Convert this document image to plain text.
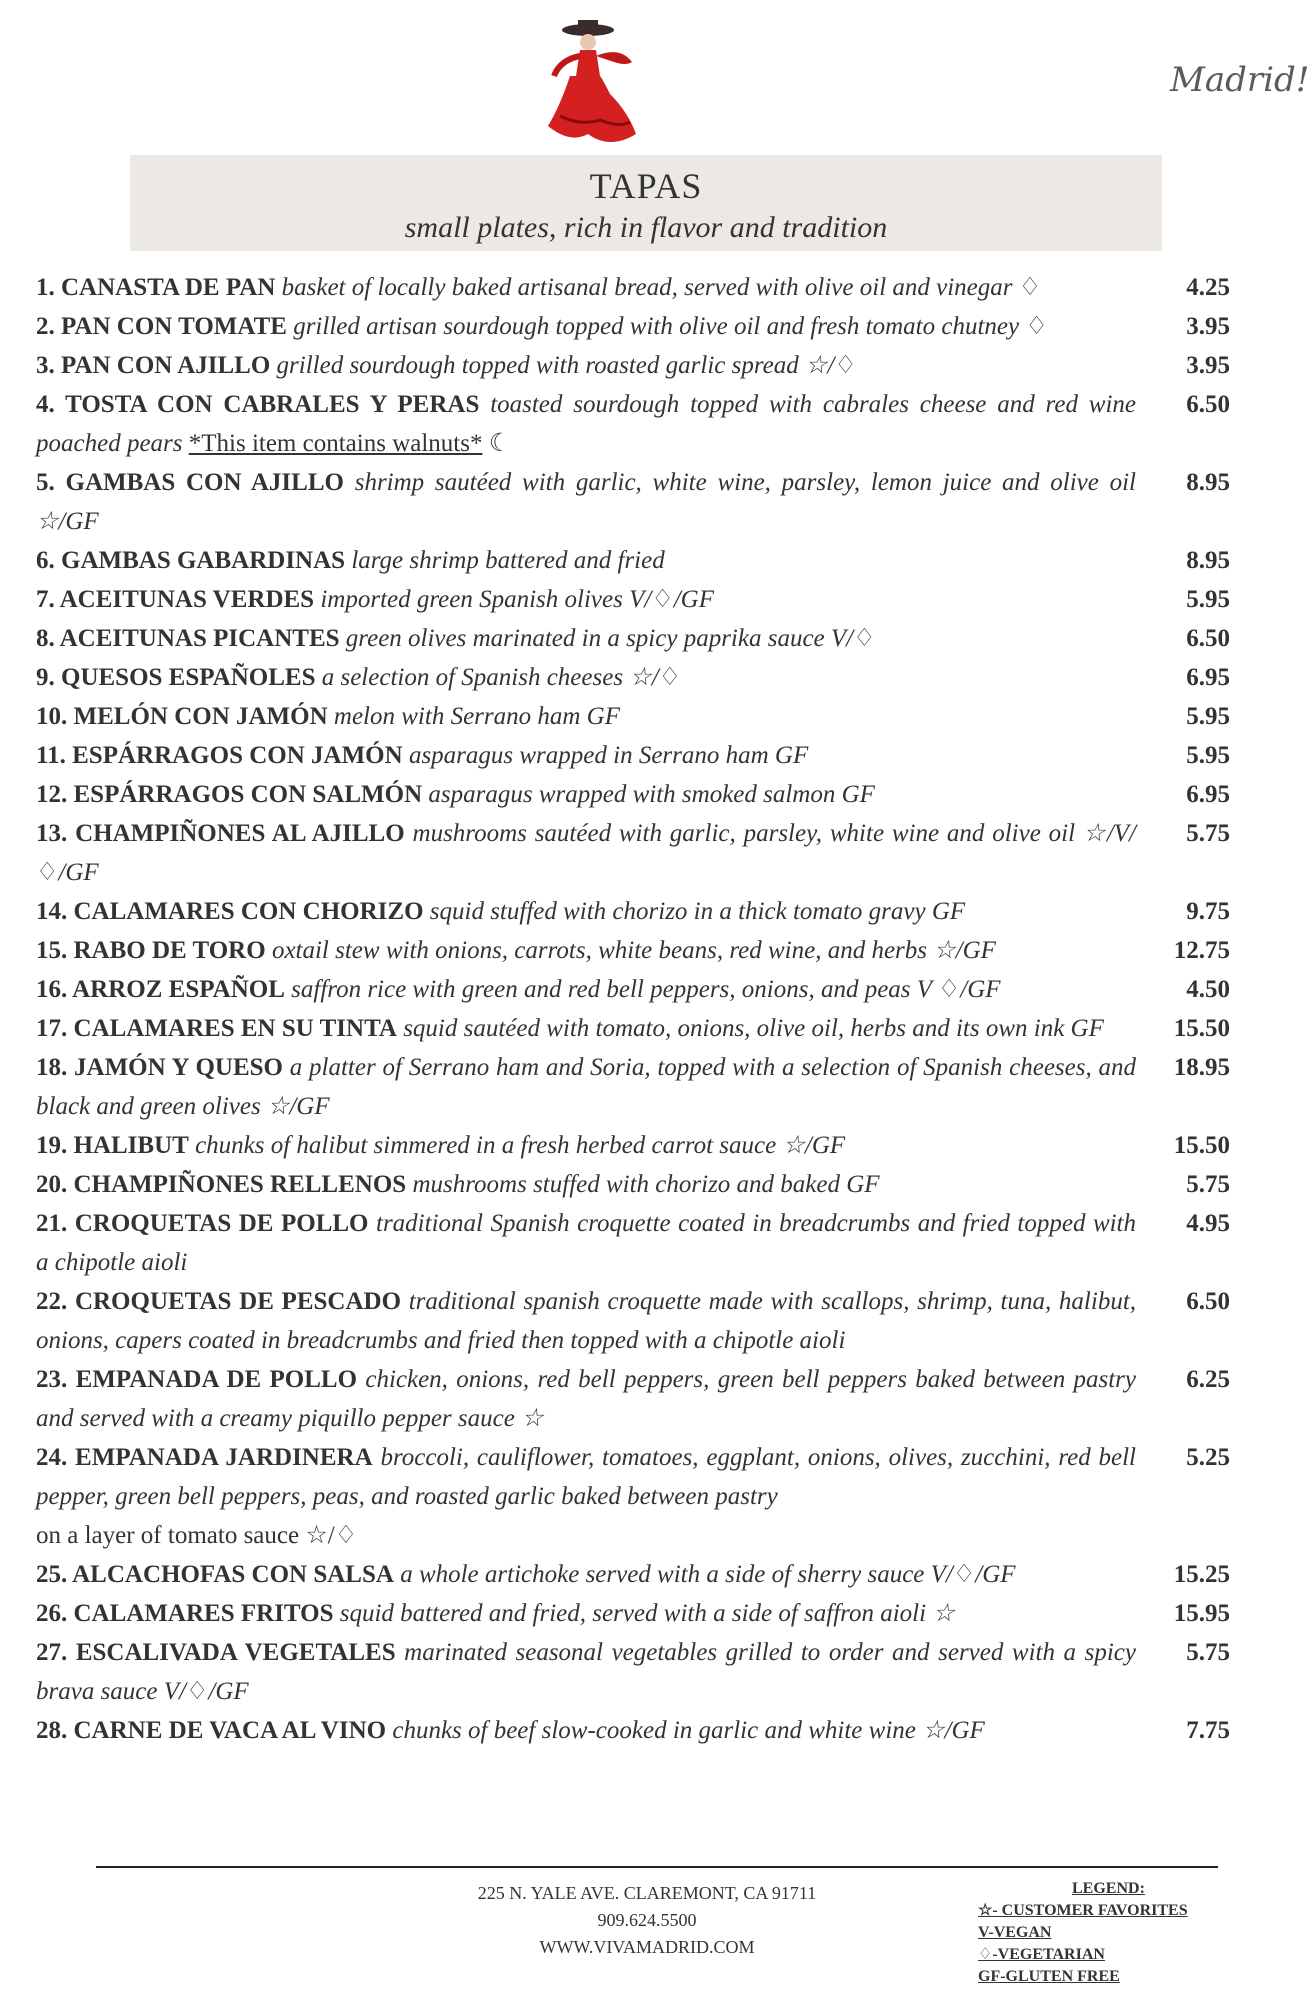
Madrid!
TAPAS
small plates, rich in flavor and tradition
1. CANASTA DE PAN basket of locally baked artisanal bread, served with olive oil and vinegar ♢	4.25
2. PAN CON TOMATE grilled artisan sourdough topped with olive oil and fresh tomato chutney ♢	3.95
3. PAN CON AJILLO grilled sourdough topped with roasted garlic spread ☆/♢	3.95
4. TOSTA CON CABRALES Y PERAS toasted sourdough topped with cabrales cheese and red wine poached pears *This item contains walnuts* ☾
6.50
5. GAMBAS CON AJILLO shrimp sautéed with garlic, white wine, parsley, lemon juice and olive oil ☆/GF
8.95
6. GAMBAS GABARDINAS large shrimp battered and fried	8.95
7. ACEITUNAS VERDES imported green Spanish olives V/♢/GF	5.95
8. ACEITUNAS PICANTES green olives marinated in a spicy paprika sauce V/♢	6.50
9. QUESOS ESPAÑOLES a selection of Spanish cheeses ☆/♢	6.95
10. MELÓN CON JAMÓN melon with Serrano ham GF	5.95
11. ESPÁRRAGOS CON JAMÓN asparagus wrapped in Serrano ham GF	5.95
12. ESPÁRRAGOS CON SALMÓN asparagus wrapped with smoked salmon GF	6.95
13. CHAMPIÑONES AL AJILLO mushrooms sautéed with garlic, parsley, white wine and olive oil ☆/V/♢/GF
5.75
14. CALAMARES CON CHORIZO squid stuffed with chorizo in a thick tomato gravy GF	9.75
15. RABO DE TORO oxtail stew with onions, carrots, white beans, red wine, and herbs ☆/GF	12.75
16. ARROZ ESPAÑOL saffron rice with green and red bell peppers, onions, and peas V ♢/GF	4.50
17. CALAMARES EN SU TINTA squid sautéed with tomato, onions, olive oil, herbs and its own ink GF	15.50
18. JAMÓN Y QUESO a platter of Serrano ham and Soria, topped with a selection of Spanish cheeses, and black and green olives ☆/GF
18.95
19. HALIBUT chunks of halibut simmered in a fresh herbed carrot sauce ☆/GF	15.50
20. CHAMPIÑONES RELLENOS mushrooms stuffed with chorizo and baked GF	5.75
21. CROQUETAS DE POLLO traditional Spanish croquette coated in breadcrumbs and fried topped with a chipotle aioli
4.95
22. CROQUETAS DE PESCADO traditional spanish croquette made with scallops, shrimp, tuna, halibut, onions, capers coated in breadcrumbs and fried then topped with a chipotle aioli
6.50
23. EMPANADA DE POLLO chicken, onions, red bell peppers, green bell peppers baked between pastry and served with a creamy piquillo pepper sauce ☆
6.25
24. EMPANADA JARDINERA broccoli, cauliflower, tomatoes, eggplant, onions, olives, zucchini, red bell pepper, green bell peppers, peas, and roasted garlic baked between pastry
on a layer of tomato sauce ☆/♢
5.25
25. ALCACHOFAS CON SALSA a whole artichoke served with a side of sherry sauce V/♢/GF	15.25
26. CALAMARES FRITOS squid battered and fried, served with a side of saffron aioli ☆	15.95
27. ESCALIVADA VEGETALES marinated seasonal vegetables grilled to order and served with a spicy brava sauce V/♢/GF
5.75
28. CARNE DE VACA AL VINO chunks of beef slow-cooked in garlic and white wine ☆/GF	7.75
225 N. YALE AVE. CLAREMONT, CA 91711
909.624.5500
WWW.VIVAMADRID.COM
LEGEND:
☆- CUSTOMER FAVORITES
V-VEGAN
♢-VEGETARIAN
GF-GLUTEN FREE
